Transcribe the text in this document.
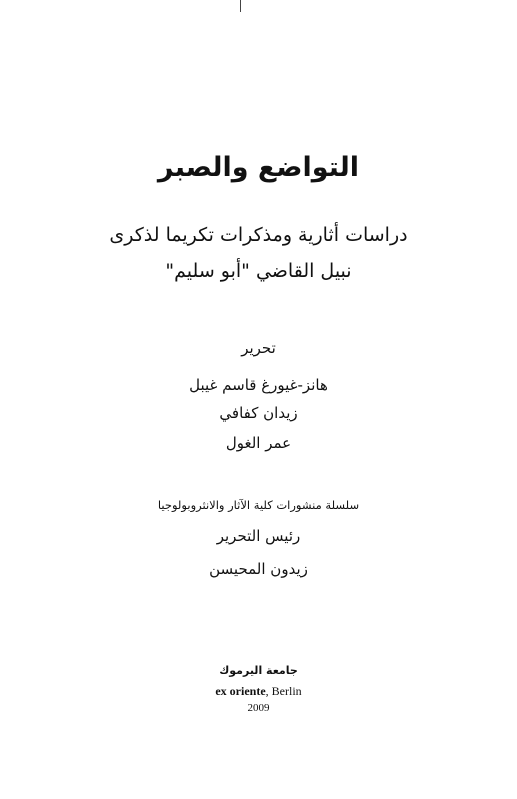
التواضع والصبر
دراسات أثارية ومذكرات تكريما لذكرى
نبيل القاضي "أبو سليم"
تحرير
هانز-غيورغ قاسم غيبل
زيدان كفافي
عمر الغول
سلسلة منشورات كلية الآثار والانثروبولوجيا
رئيس التحرير
زيدون المحيسن
جامعة اليرموك
ex oriente, Berlin
2009
